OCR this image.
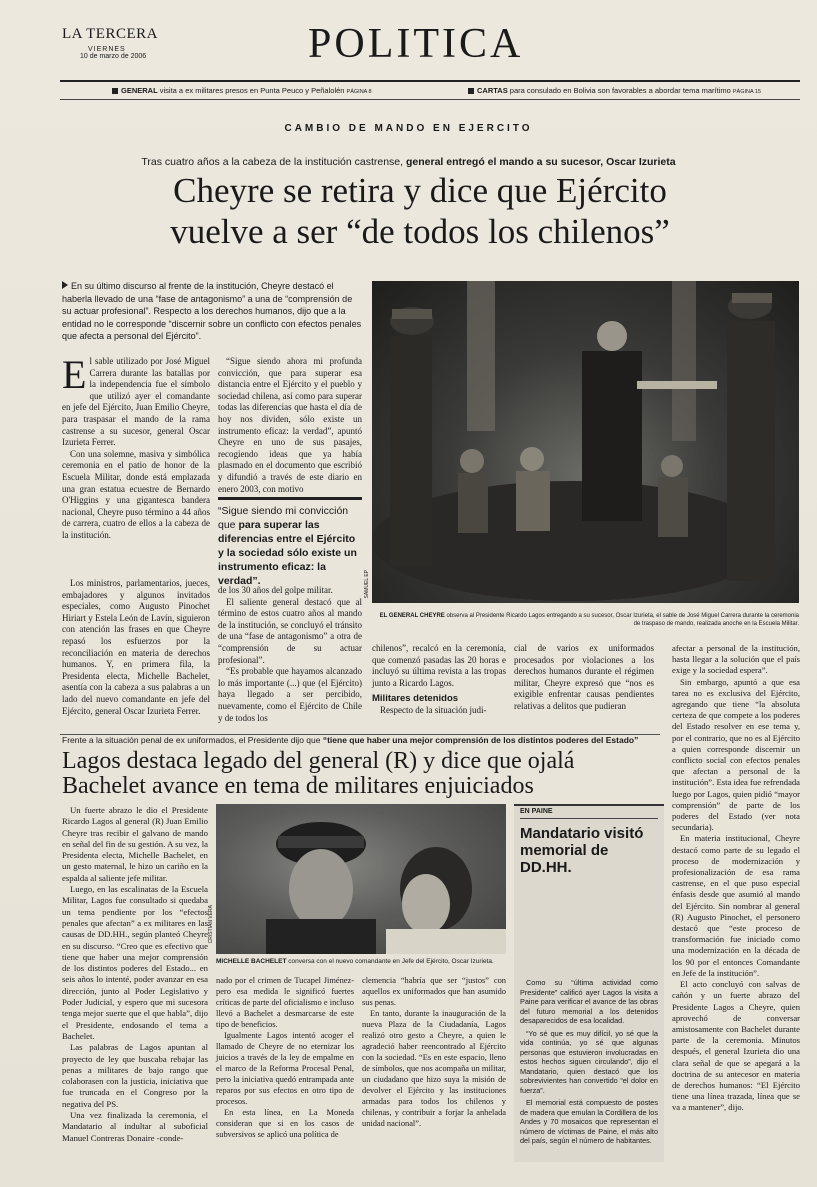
LA TERCERA
VIERNES
10 de marzo de 2006	POLITICA
GENERAL visita a ex militares presos en Punta Peuco y Peñalolén PÁGINA 8	CARTAS para consulado en Bolivia son favorables a abordar tema marítimo PÁGINA 15
CAMBIO DE MANDO EN EJERCITO
Tras cuatro años a la cabeza de la institución castrense, general entregó el mando a su sucesor, Oscar Izurieta
Cheyre se retira y dice que Ejército
vuelve a ser “de todos los chilenos”
En su último discurso al frente de la institución, Cheyre destacó el haberla llevado de una “fase de antagonismo” a una de “comprensión de su actuar profesional”. Respecto a los derechos humanos, dijo que a la entidad no le corresponde “discernir sobre un conflicto con efectos penales que afecta a personal del Ejército”.
SAMUEL EP
EL GENERAL CHEYRE observa al Presidente Ricardo Lagos entregando a su sucesor, Oscar Izurieta, el sable de José Miguel Carrera durante la ceremonia de traspaso de mando, realizada anoche en la Escuela Militar.
E l sable utilizado por José Miguel Carrera durante las batallas por la independencia fue el símbolo que utilizó ayer el comandante en jefe del Ejército, Juan Emilio Cheyre, para traspasar el mando de la rama castrense a su sucesor, general Oscar Izurieta Ferrer.
Con una solemne, masiva y simbólica ceremonia en el patio de honor de la Escuela Militar, donde está emplazada una gran estatua ecuestre de Bernardo O'Higgins y una gigantesca bandera nacional, Cheyre puso término a 44 años de carrera, cuatro de ellos a la cabeza de la institución.
Los ministros, parlamentarios, jueces, embajadores y algunos invitados especiales, como Augusto Pinochet Hiriart y Estela León de Lavín, siguieron con atención las frases en que Cheyre repasó los esfuerzos por la reconciliación en materia de derechos humanos. Y, en primera fila, la Presidenta electa, Michelle Bachelet, asentía con la cabeza a sus palabras a un lado del nuevo comandante en jefe del Ejército, general Oscar Izurieta Ferrer.
“Sigue siendo ahora mi profunda convicción, que para superar esa distancia entre el Ejército y el pueblo y sociedad chilena, así como para superar todas las diferencias que hasta el día de hoy nos dividen, sólo existe un instrumento eficaz: la verdad”, apuntó Cheyre en uno de sus pasajes, recogiendo ideas que ya había plasmado en el documento que escribió y difundió a través de este diario en enero 2003, con motivo
“Sigue siendo mi convicción que para superar las diferencias entre el Ejército y la sociedad sólo existe un instrumento eficaz: la verdad”.
de los 30 años del golpe militar.
El saliente general destacó que al término de estos cuatro años al mando de la institución, se concluyó el tránsito de una “fase de antagonismo” a otra de “comprensión de su actuar profesional”.
“Es probable que hayamos alcanzado lo más importante (...) que (el Ejército) haya llegado a ser percibido, nuevamente, como el Ejército de Chile y de todos los
chilenos”, recalcó en la ceremonia, que comenzó pasadas las 20 horas e incluyó su última revista a las tropas junto a Ricardo Lagos.
Militares detenidos
Respecto de la situación judi-
cial de varios ex uniformados procesados por violaciones a los derechos humanos durante el régimen militar, Cheyre expresó que “nos es exigible enfrentar causas pendientes relativas a delitos que pudieran
afectar a personal de la institución, hasta llegar a la solución que el país exige y la sociedad espera”.
Sin embargo, apuntó a que esa tarea no es exclusiva del Ejército, agregando que tiene “la absoluta certeza de que compete a los poderes del Estado resolver en ese tema y, por el contrario, que no es al Ejército a quien corresponde discernir un conflicto social con efectos penales que afectan a personal de la institución”. Esta idea fue refrendada luego por Lagos, quien pidió “mayor comprensión” de parte de los poderes del Estado (ver nota secundaria).
En materia institucional, Cheyre destacó como parte de su legado el proceso de modernización y profesionalización de esa rama castrense, en el que puso especial énfasis desde que asumió al mando del Ejército. Sin nombrar al general (R) Augusto Pinochet, el personero destacó que “este proceso de transformación fue iniciado como una modernización en la década de los 90 por el entonces Comandante en Jefe de la institución”.
El acto concluyó con salvas de cañón y un fuerte abrazo del Presidente Lagos a Cheyre, quien aprovechó de conversar amistosamente con Bachelet durante parte de la ceremonia. Minutos después, el general Izurieta dio una clara señal de que se apegará a la doctrina de su antecesor en materia de derechos humanos: “El Ejército tiene una línea trazada, línea que se va a mantener”, dijo.
Frente a la situación penal de ex uniformados, el Presidente dijo que “tiene que haber una mejor comprensión de los distintos poderes del Estado”
Lagos destaca legado del general (R) y dice que ojalá
Bachelet avance en tema de militares enjuiciados
Un fuerte abrazo le dio el Presidente Ricardo Lagos al general (R) Juan Emilio Cheyre tras recibir el galvano de mando en señal del fin de su gestión. A su vez, la Presidenta electa, Michelle Bachelet, en un gesto maternal, le hizo un cariño en la espalda al saliente jefe militar.
Luego, en las escalinatas de la Escuela Militar, Lagos fue consultado si quedaba un tema pendiente por los “efectos penales que afectan” a ex militares en las causas de DD.HH., según planteó Cheyre en su discurso. “Creo que es efectivo que tiene que haber una mejor comprensión de los distintos poderes del Estado... en seis años lo intenté, poder avanzar en esa dirección, junto al Poder Legislativo y Poder Judicial, y espero que mi sucesora tenga mejor suerte que el que habla”, dijo el Presidente, endosando el tema a Bachelet.
Las palabras de Lagos apuntan al proyecto de ley que buscaba rebajar las penas a militares de bajo rango que colaborasen con la justicia, iniciativa que fue truncada en el Congreso por la negativa del PS.
Una vez finalizada la ceremonia, el Mandatario al indultar al suboficial Manuel Contreras Donaire -conde-
CRISTIÁN VERA
MICHELLE BACHELET conversa con el nuevo comandante en Jefe del Ejército, Oscar Izurieta.
nado por el crimen de Tucapel Jiménez- pero esa medida le significó fuertes críticas de parte del oficialismo e incluso llevó a Bachelet a desmarcarse de este tipo de beneficios.
Igualmente Lagos intentó acoger el llamado de Cheyre de no eternizar los juicios a través de la ley de empalme en el marco de la Reforma Procesal Penal, pero la iniciativa quedó entrampada ante reparos por sus efectos en otro tipo de procesos.
En esta línea, en La Moneda consideran que si en los casos de subversivos se aplicó una política de
clemencia “habría que ser “justos” con aquellos ex uniformados que han asumido sus penas.
En tanto, durante la inauguración de la nueva Plaza de la Ciudadanía, Lagos realizó otro gesto a Cheyre, a quien le agradeció haber reencontrado al Ejército con la sociedad. “Es en este espacio, lleno de símbolos, que nos acompaña un militar, un ciudadano que hizo suya la misión de devolver el Ejército y las instituciones armadas para todos los chilenos y chilenas, y contribuir a forjar la anhelada unidad nacional”.
EN PAINE
Mandatario visitó memorial de DD.HH.

Como su “última actividad como Presidente” calificó ayer Lagos la visita a Paine para verificar el avance de las obras del futuro memorial a los detenidos desaparecidos de esa localidad.

“Yo sé que es muy difícil, yo sé que la vida continúa, yo sé que algunas personas que estuvieron involucradas en estos hechos siguen circulando”, dijo el Mandatario, quien destacó que los sobrevivientes han convertido “el dolor en fuerza”.

El memorial está compuesto de postes de madera que emulan la Cordillera de los Andes y 70 mosaicos que representan el número de víctimas de Paine, el más alto del país, según el número de habitantes.
